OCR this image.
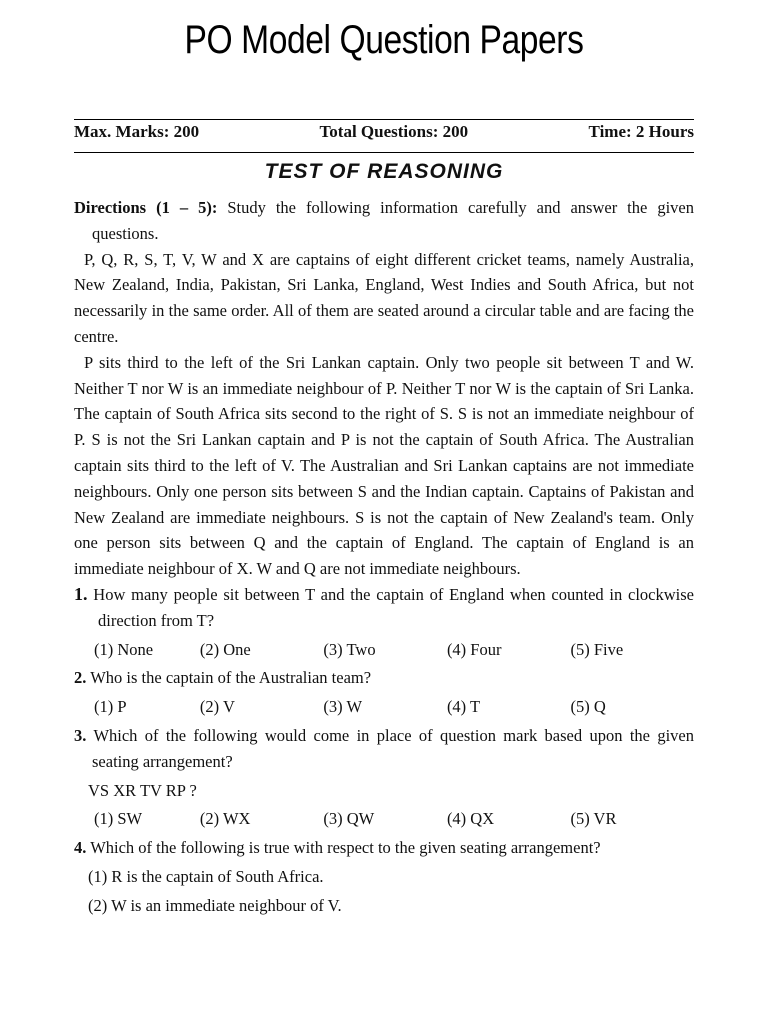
PO Model Question Papers
Max. Marks: 200	Total Questions: 200	Time: 2 Hours
TEST OF REASONING

Directions (1 – 5): Study the following information carefully and answer the given questions.

P, Q, R, S, T, V, W and X are captains of eight different cricket teams, namely Australia, New Zealand, India, Pakistan, Sri Lanka, England, West Indies and South Africa, but not necessarily in the same order. All of them are seated around a circular table and are facing the centre.

P sits third to the left of the Sri Lankan captain. Only two people sit between T and W. Neither T nor W is an immediate neighbour of P. Neither T nor W is the captain of Sri Lanka. The captain of South Africa sits second to the right of S. S is not an immediate neighbour of P. S is not the Sri Lankan captain and P is not the captain of South Africa. The Australian captain sits third to the left of V. The Australian and Sri Lankan captains are not immediate neighbours. Only one person sits between S and the Indian captain. Captains of Pakistan and New Zealand are immediate neighbours. S is not the captain of New Zealand's team. Only one person sits between Q and the captain of England. The captain of England is an immediate neighbour of X. W and Q are not immediate neighbours.

1. How many people sit between T and the captain of England when counted in clockwise direction from T?

(1) None	(2) One	(3) Two	(4) Four	(5) Five

2. Who is the captain of the Australian team?

(1) P	(2) V	(3) W	(4) T	(5) Q

3. Which of the following would come in place of question mark based upon the given seating arrangement?

VS XR TV RP ?
(1) SW	(2) WX	(3) QW	(4) QX	(5) VR

4. Which of the following is true with respect to the given seating arrangement?

(1) R is the captain of South Africa.
(2) W is an immediate neighbour of V.
